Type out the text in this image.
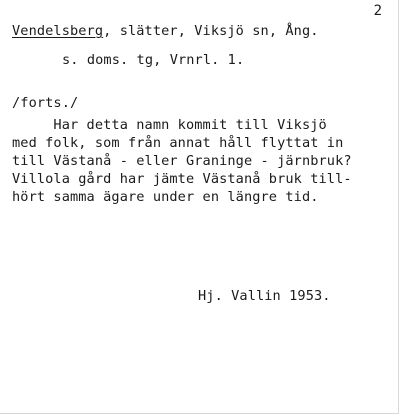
2
Vendelsberg, slätter, Viksjö sn, Ång.
s. doms. tg, Vrnrl. 1.
/forts./
Har detta namn kommit till Viksjö
med folk, som från annat håll flyttat in
till Västanå - eller Graninge - järnbruk?
Villola gård har jämte Västanå bruk till-
hört samma ägare under en längre tid.
Hj. Vallin 1953.
